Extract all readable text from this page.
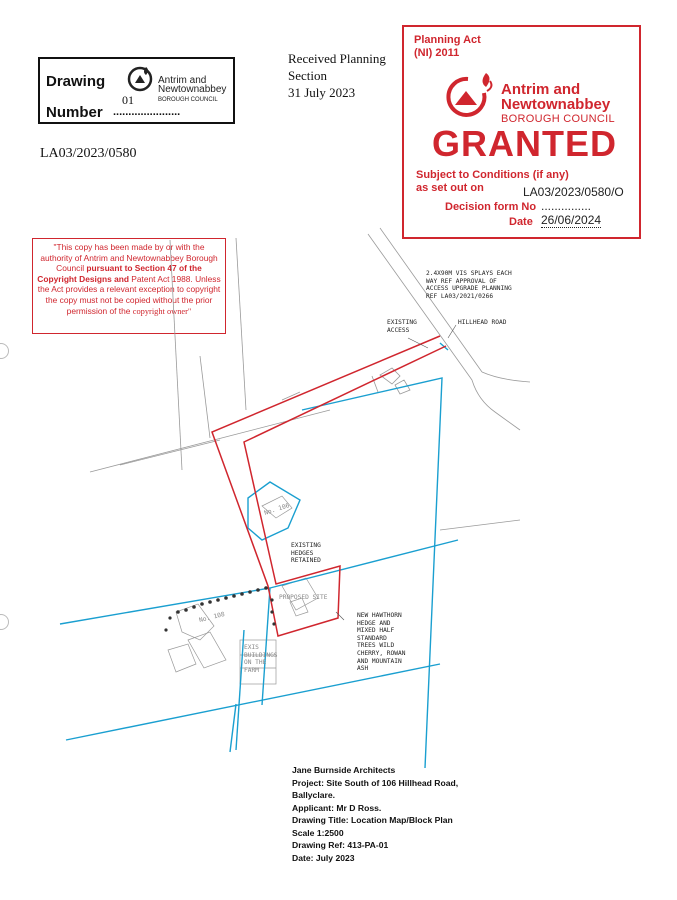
Drawing
Number ......................
Antrim and
Newtownabbey
BOROUGH COUNCIL
01
Received Planning
Section
31 July 2023
LA03/2023/0580
Planning Act
(NI) 2011
Antrim and
Newtownabbey
BOROUGH COUNCIL
GRANTED
Subject to Conditions (if any)
as set out on	LA03/2023/0580/O
Decision form No ...............
Date 26/06/2024
"This copy has been made by or with the authority of Antrim and Newtownabbey Borough Council pursuant to Section 47 of the Copyright Designs and Patent Act 1988. Unless the Act provides a relevant exception to copyright the copy must not be copied without the prior permission of the copyright owner"
2.4X90M VIS SPLAYS EACH
WAY REF APPROVAL OF
ACCESS UPGRADE PLANNING
REF LA03/2021/0266
EXISTING
ACCESS
HILLHEAD ROAD
No. 106
EXISTING
HEDGES
RETAINED
PROPOSED SITE
NEW HAWTHORN
HEDGE AND
MIXED HALF
STANDARD
TREES WILD
CHERRY, ROWAN
AND MOUNTAIN
ASH
No. 108
EXIS
BUILDINGS
ON THE
FARM
Jane Burnside Architects
Project: Site South of 106 Hillhead Road,
Ballyclare.
Applicant: Mr D Ross.
Drawing Title: Location Map/Block Plan
Scale 1:2500
Drawing Ref: 413-PA-01
Date: July 2023
